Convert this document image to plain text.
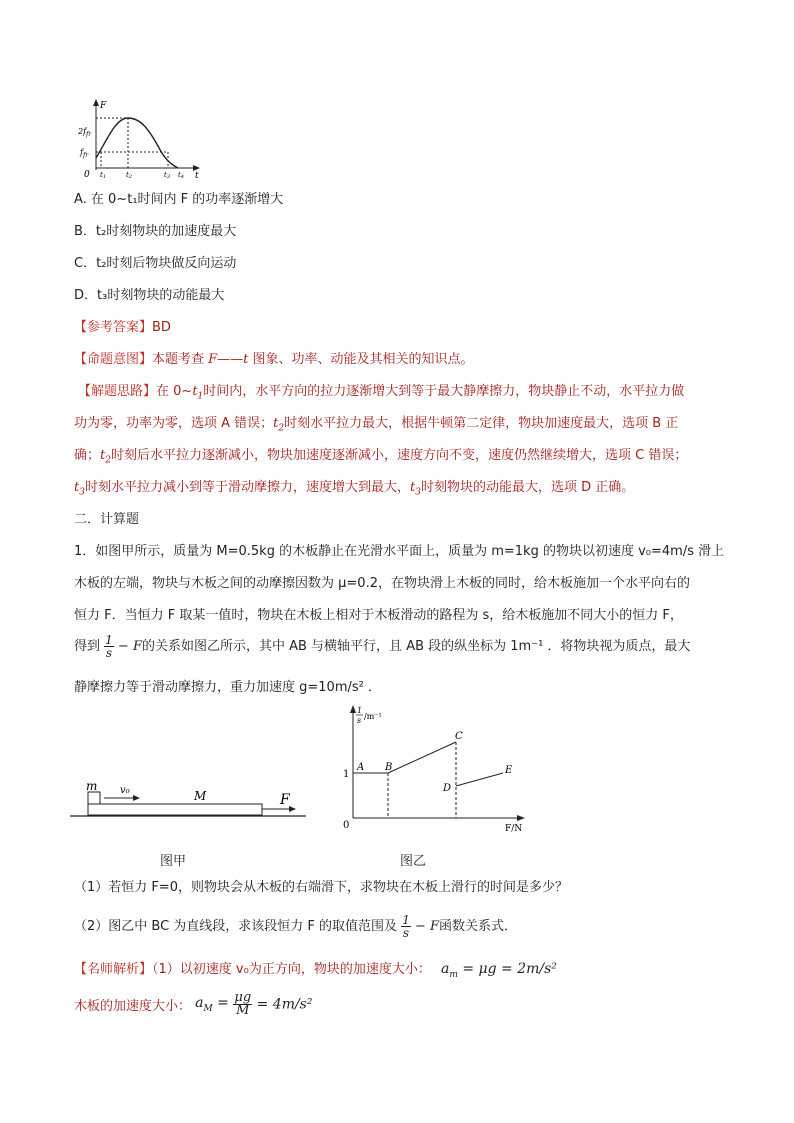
F
t
0
$2f_{fr}$
$f_{fr}$
t1	t2	t3 t4
A. 在 0~t₁时间内 F 的功率逐渐增大
B．t₂时刻物块的加速度最大
C．t₂时刻后物块做反向运动
D．t₃时刻物块的动能最大
【参考答案】BD
【命题意图】本题考查 F——t 图象、功率、动能及其相关的知识点。
【解题思路】在 $0\sim t_1$时间内，水平方向的拉力逐渐增大到等于最大静摩擦力，物块静止不动，水平拉力做
功为零，功率为零，选项 A 错误；$t_2$时刻水平拉力最大，根据牛顿第二定律，物块加速度最大，选项 B 正
确；$t_2$时刻后水平拉力逐渐减小，物块加速度逐渐减小，速度方向不变，速度仍然继续增大，选项 C 错误；
$t_3$时刻水平拉力减小到等于滑动摩擦力，速度增大到最大，$t_3$时刻物块的动能最大，选项 D 正确。
二．计算题
1．如图甲所示，质量为 M=0.5kg 的木板静止在光滑水平面上，质量为 m=1kg 的物块以初速度 v₀=4m/s 滑上
木板的左端，物块与木板之间的动摩擦因数为 μ=0.2，在物块滑上木板的同时，给木板施加一个水平向右的
恒力 F．当恒力 F 取某一值时，物块在木板上相对于木板滑动的路程为 s，给木板施加不同大小的恒力 F，
得到 $\frac{1}{s} - F$的关系如图乙所示，其中 AB 与横轴平行，且 AB 段的纵坐标为 1m⁻¹ ．将物块视为质点，最大
静摩擦力等于滑动摩擦力，重力加速度 g=10m/s² ．
m v₀	M	F
图甲
1
s /m⁻¹
F/N
0
1
A B
C
D
E
图乙
（1）若恒力 F=0，则物块会从木板的右端滑下，求物块在木板上滑行的时间是多少？
（2）图乙中 BC 为直线段，求该段恒力 F 的取值范围及 $\frac{1}{s} - F$函数关系式．
【名师解析】（1）以初速度 v₀为正方向，物块的加速度大小： $a_m = \mu g = 2m/s^2$
木板的加速度大小： $a_M = \frac{\mu g}{M} = 4m/s^2$
